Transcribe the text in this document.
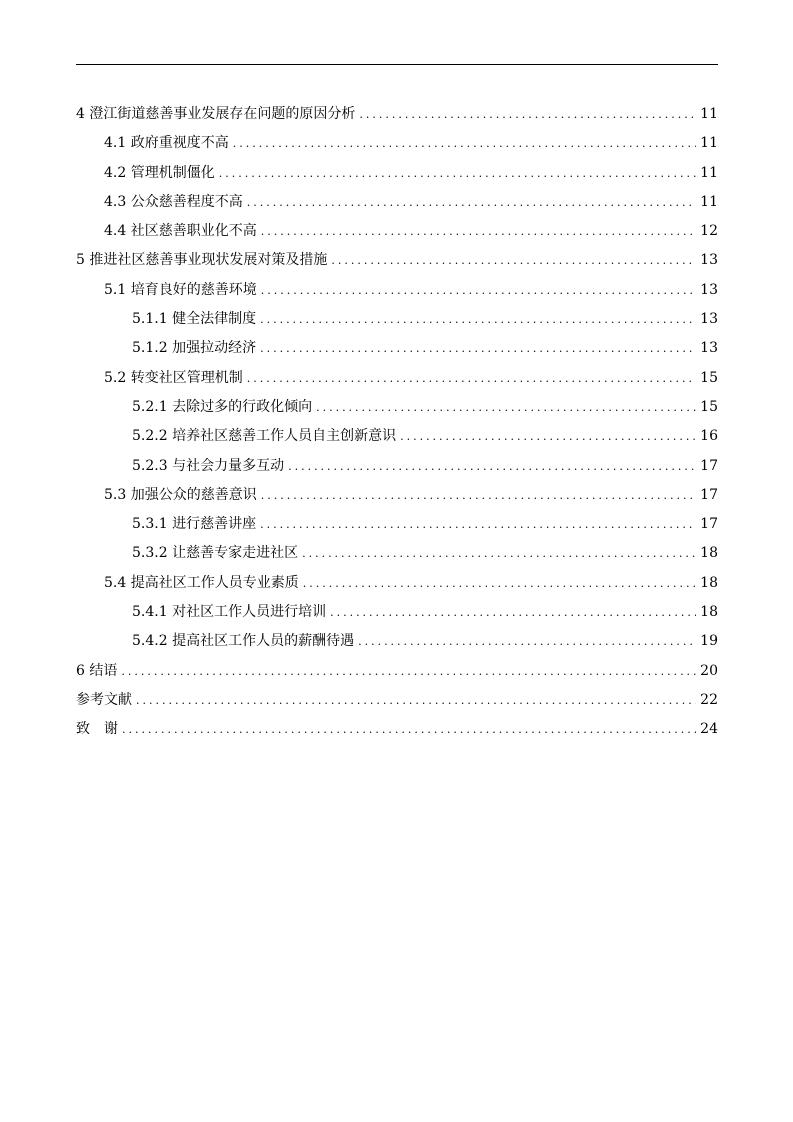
4 澄江街道慈善事业发展存在问题的原因分析 .....	11
4.1 政府重视度不高 .....	11
4.2 管理机制僵化 .....	11
4.3 公众慈善程度不高 .....	11
4.4 社区慈善职业化不高 .....	12
5 推进社区慈善事业现状发展对策及措施 .....	13
5.1 培育良好的慈善环境 .....	13
5.1.1 健全法律制度 .....	13
5.1.2 加强拉动经济 .....	13
5.2 转变社区管理机制 .....	15
5.2.1 去除过多的行政化倾向 .....	15
5.2.2 培养社区慈善工作人员自主创新意识 .....	16
5.2.3 与社会力量多互动 .....	17
5.3 加强公众的慈善意识 .....	17
5.3.1 进行慈善讲座 .....	17
5.3.2 让慈善专家走进社区 .....	18
5.4 提高社区工作人员专业素质 .....	18
5.4.1 对社区工作人员进行培训 .....	18
5.4.2 提高社区工作人员的薪酬待遇 .....	19
6 结语 .....	20
参考文献 .....	22
致　谢 .....	24
